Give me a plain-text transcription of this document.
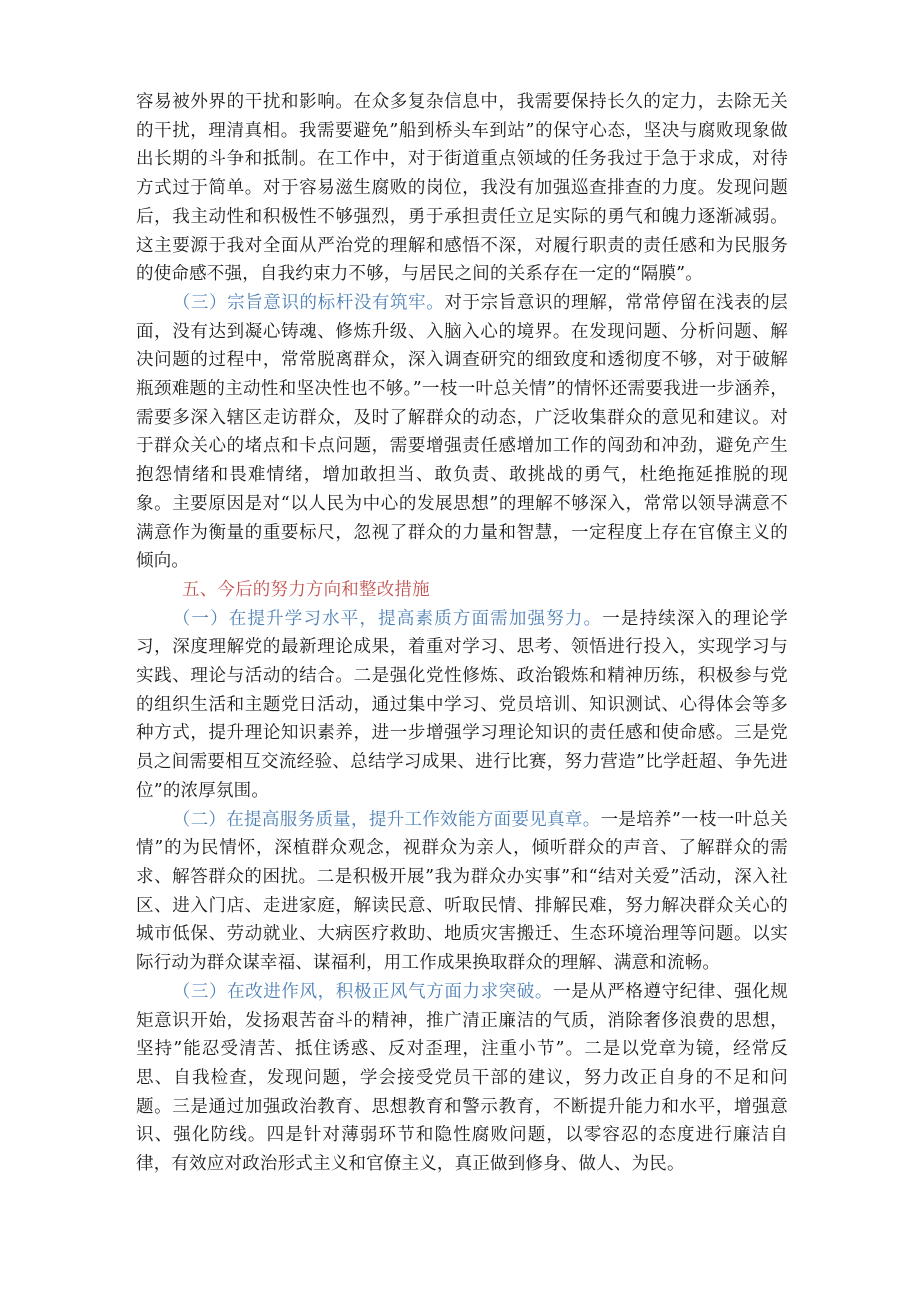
容易被外界的干扰和影响。在众多复杂信息中，我需要保持长久的定力，去除无关的干扰，理清真相。我需要避免”船到桥头车到站”的保守心态，坚决与腐败现象做出长期的斗争和抵制。在工作中，对于街道重点领域的任务我过于急于求成，对待方式过于简单。对于容易滋生腐败的岗位，我没有加强巡查排查的力度。发现问题后，我主动性和积极性不够强烈，勇于承担责任立足实际的勇气和魄力逐渐减弱。这主要源于我对全面从严治党的理解和感悟不深，对履行职责的责任感和为民服务的使命感不强，自我约束力不够，与居民之间的关系存在一定的“隔膜”。

（三）宗旨意识的标杆没有筑牢。对于宗旨意识的理解，常常停留在浅表的层面，没有达到凝心铸魂、修炼升级、入脑入心的境界。在发现问题、分析问题、解决问题的过程中，常常脱离群众，深入调查研究的细致度和透彻度不够，对于破解瓶颈难题的主动性和坚决性也不够。”一枝一叶总关情”的情怀还需要我进一步涵养，需要多深入辖区走访群众，及时了解群众的动态，广泛收集群众的意见和建议。对于群众关心的堵点和卡点问题，需要增强责任感增加工作的闯劲和冲劲，避免产生抱怨情绪和畏难情绪，增加敢担当、敢负责、敢挑战的勇气，杜绝拖延推脱的现象。主要原因是对“以人民为中心的发展思想”的理解不够深入，常常以领导满意不满意作为衡量的重要标尺，忽视了群众的力量和智慧，一定程度上存在官僚主义的倾向。

五、今后的努力方向和整改措施

（一）在提升学习水平，提高素质方面需加强努力。一是持续深入的理论学习，深度理解党的最新理论成果，着重对学习、思考、领悟进行投入，实现学习与实践、理论与活动的结合。二是强化党性修炼、政治锻炼和精神历练，积极参与党的组织生活和主题党日活动，通过集中学习、党员培训、知识测试、心得体会等多种方式，提升理论知识素养，进一步增强学习理论知识的责任感和使命感。三是党员之间需要相互交流经验、总结学习成果、进行比赛，努力营造”比学赶超、争先进位”的浓厚氛围。

（二）在提高服务质量，提升工作效能方面要见真章。一是培养”一枝一叶总关情”的为民情怀，深植群众观念，视群众为亲人，倾听群众的声音、了解群众的需求、解答群众的困扰。二是积极开展”我为群众办实事”和“结对关爱”活动，深入社区、进入门店、走进家庭，解读民意、听取民情、排解民难，努力解决群众关心的城市低保、劳动就业、大病医疗救助、地质灾害搬迁、生态环境治理等问题。以实际行动为群众谋幸福、谋福利，用工作成果换取群众的理解、满意和流畅。

（三）在改进作风，积极正风气方面力求突破。一是从严格遵守纪律、强化规矩意识开始，发扬艰苦奋斗的精神，推广清正廉洁的气质，消除奢侈浪费的思想，坚持”能忍受清苦、抵住诱惑、反对歪理，注重小节”。二是以党章为镜，经常反思、自我检查，发现问题，学会接受党员干部的建议，努力改正自身的不足和问题。三是通过加强政治教育、思想教育和警示教育，不断提升能力和水平，增强意识、强化防线。四是针对薄弱环节和隐性腐败问题，以零容忍的态度进行廉洁自律，有效应对政治形式主义和官僚主义，真正做到修身、做人、为民。
